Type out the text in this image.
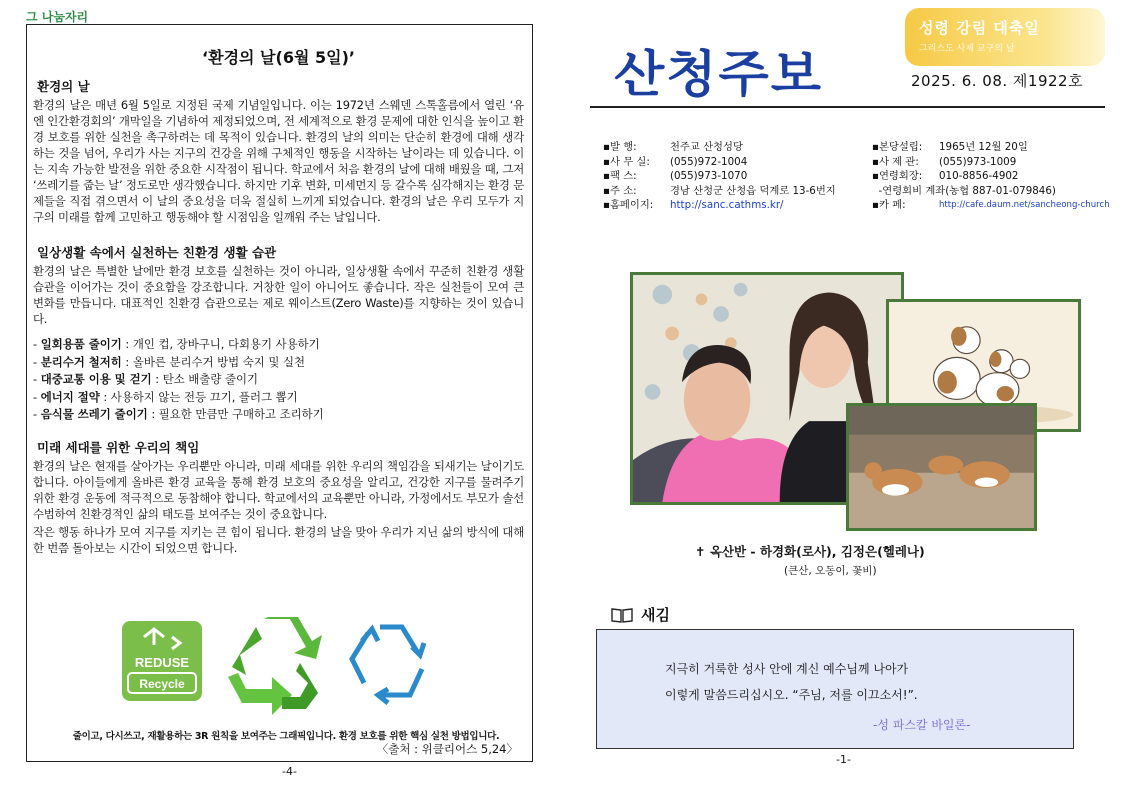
그 나눔자리
‘환경의 날(6월 5일)’
환경의 날
환경의 날은 매년 6월 5일로 지정된 국제 기념일입니다. 이는 1972년 스웨덴 스톡홀름에서 열린 ‘유엔 인간환경회의’ 개막일을 기념하여 제정되었으며, 전 세계적으로 환경 문제에 대한 인식을 높이고 환경 보호를 위한 실천을 촉구하려는 데 목적이 있습니다. 환경의 날의 의미는 단순히 환경에 대해 생각하는 것을 넘어, 우리가 사는 지구의 건강을 위해 구체적인 행동을 시작하는 날이라는 데 있습니다. 이는 지속 가능한 발전을 위한 중요한 시작점이 됩니다. 학교에서 처음 환경의 날에 대해 배웠을 때, 그저 ‘쓰레기를 줍는 날’ 정도로만 생각했습니다. 하지만 기후 변화, 미세먼지 등 갈수록 심각해지는 환경 문제들을 직접 겪으면서 이 날의 중요성을 더욱 절실히 느끼게 되었습니다. 환경의 날은 우리 모두가 지구의 미래를 함께 고민하고 행동해야 할 시점임을 일깨워 주는 날입니다.
일상생활 속에서 실천하는 친환경 생활 습관
환경의 날은 특별한 날에만 환경 보호를 실천하는 것이 아니라, 일상생활 속에서 꾸준히 친환경 생활 습관을 이어가는 것이 중요함을 강조합니다. 거창한 일이 아니어도 좋습니다. 작은 실천들이 모여 큰 변화를 만듭니다. 대표적인 친환경 습관으로는 제로 웨이스트(Zero Waste)를 지향하는 것이 있습니다.
- 일회용품 줄이기 : 개인 컵, 장바구니, 다회용기 사용하기
- 분리수거 철저히 : 올바른 분리수거 방법 숙지 및 실천
- 대중교통 이용 및 걷기 : 탄소 배출량 줄이기
- 에너지 절약 : 사용하지 않는 전등 끄기, 플러그 뽑기
- 음식물 쓰레기 줄이기 : 필요한 만큼만 구매하고 조리하기
미래 세대를 위한 우리의 책임
환경의 날은 현재를 살아가는 우리뿐만 아니라, 미래 세대를 위한 우리의 책임감을 되새기는 날이기도 합니다. 아이들에게 올바른 환경 교육을 통해 환경 보호의 중요성을 알리고, 건강한 지구를 물려주기 위한 환경 운동에 적극적으로 동참해야 합니다. 학교에서의 교육뿐만 아니라, 가정에서도 부모가 솔선수범하여 친환경적인 삶의 태도를 보여주는 것이 중요합니다.
작은 행동 하나가 모여 지구를 지키는 큰 힘이 됩니다. 환경의 날을 맞아 우리가 지닌 삶의 방식에 대해 한 번쯤 돌아보는 시간이 되었으면 합니다.
REDUSE
Recycle
줄이고, 다시쓰고, 재활용하는 3R 원칙을 보여주는 그래픽입니다. 환경 보호를 위한 핵심 실천 방법입니다.
〈출처 : 위클리어스 5,24〉
-4-
성령 강림 대축일
그리스도 사제 교구의 날
산청주보	2025. 6. 08. 제1922호
▪ 발 행:	천주교 산청성당
▪ 사 무 실:	(055)972-1004
▪ 팩 스:	(055)973-1070
▪ 주 소:	경남 산청군 산청읍 덕계로 13-6번지
▪ 홈페이지:	http://sanc.cathms.kr/
▪ 본당설립:	1965년 12월 20일
▪ 사 제 관:	(055)973-1009
▪ 연령회장:	010-8856-4902

-연령회비 계좌(농협 887-01-079846)
▪ 카 페:	http://cafe.daum.net/sancheong-church
✝ 옥산반 - 하경화(로사), 김정은(헬레나)
(큰산, 오동이, 꽃비)
새김
지극히 거룩한 성사 안에 계신 예수님께 나아가
이렇게 말씀드리십시오. “주님, 저를 이끄소서!”.
-성 파스칼 바일론-
-1-
